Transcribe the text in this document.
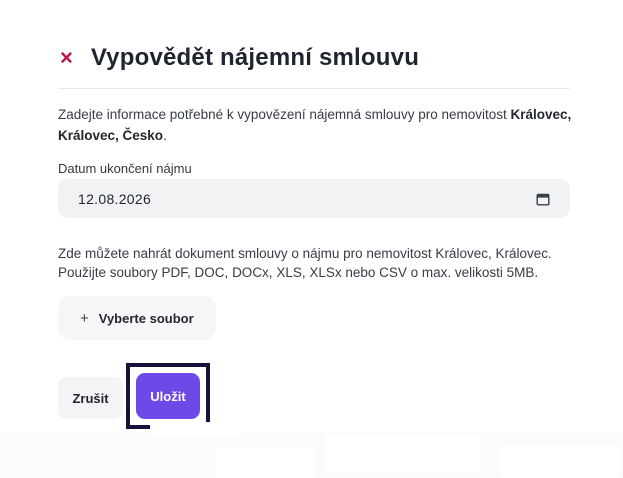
× Vypovědět nájemní smlouvu

Zadejte informace potřebné k vypovězení nájemná smlouvy pro nemovitost Královec, Královec, Česko.

Datum ukončení nájmu
12.08.2026

Zde můžete nahrát dokument smlouvy o nájmu pro nemovitost Královec, Královec. Použijte soubory PDF, DOC, DOCx, XLS, XLSx nebo CSV o max. velikosti 5MB.

+ Vyberte soubor
Zrušit	Uložit
